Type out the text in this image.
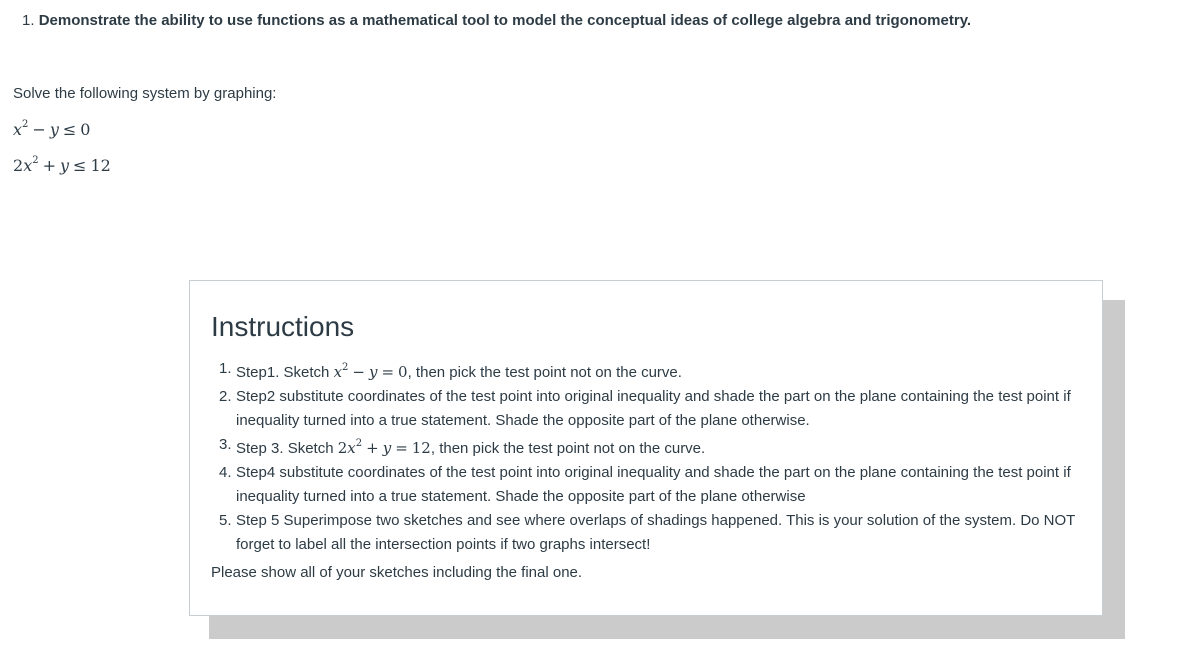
1. Demonstrate the ability to use functions as a mathematical tool to model the conceptual ideas of college algebra and trigonometry.
Solve the following system by graphing:
$x^2 - y \le 0$
$2x^2 + y \le 12$
Instructions
1. Step1. Sketch $x^2 - y = 0$, then pick the test point not on the curve.
2. Step2 substitute coordinates of the test point into original inequality and shade the part on the plane containing the test point if inequality turned into a true statement. Shade the opposite part of the plane otherwise.
3. Step 3. Sketch $2x^2 + y = 12$, then pick the test point not on the curve.
4. Step4 substitute coordinates of the test point into original inequality and shade the part on the plane containing the test point if inequality turned into a true statement. Shade the opposite part of the plane otherwise
5. Step 5 Superimpose two sketches and see where overlaps of shadings happened. This is your solution of the system. Do NOT forget to label all the intersection points if two graphs intersect!
Please show all of your sketches including the final one.
